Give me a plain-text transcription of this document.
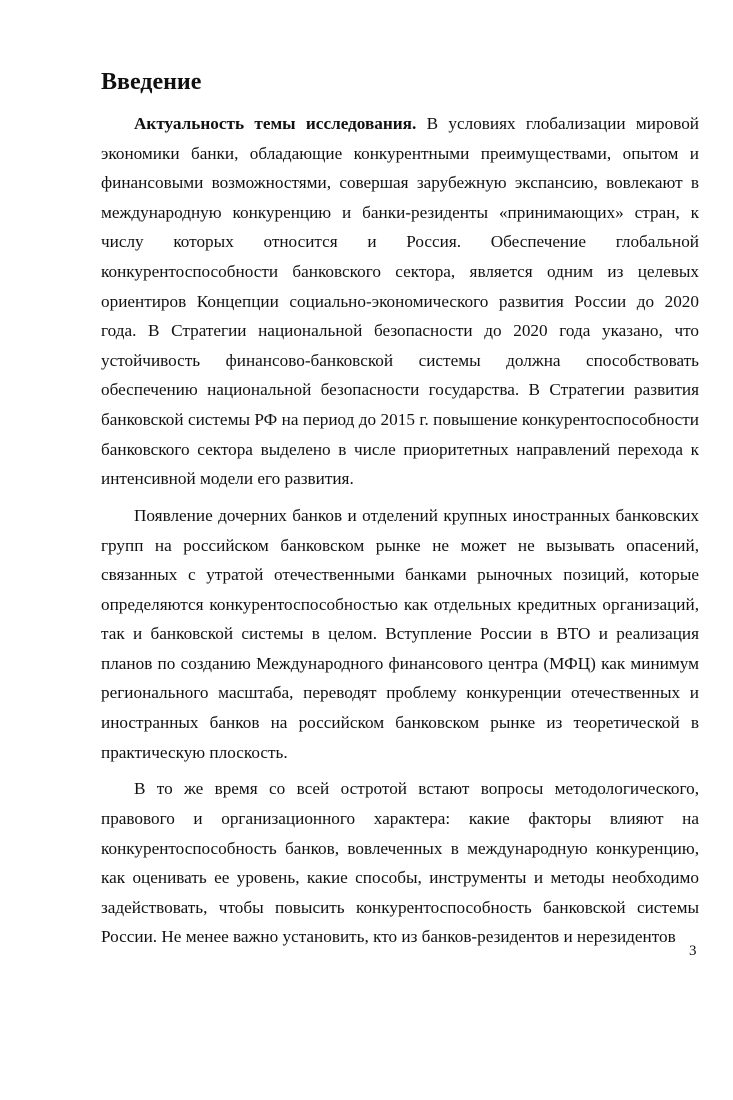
Введение

Актуальность темы исследования. В условиях глобализации мировой экономики банки, обладающие конкурентными преимуществами, опытом и финансовыми возможностями, совершая зарубежную экспансию, вовлекают в международную конкуренцию и банки-резиденты «принимающих» стран, к числу которых относится и Россия. Обеспечение глобальной конкурентоспособности банковского сектора, является одним из целевых ориентиров Концепции социально-экономического развития России до 2020 года. В Стратегии национальной безопасности до 2020 года указано, что устойчивость финансово-банковской системы должна способствовать обеспечению национальной безопасности государства. В Стратегии развития банковской системы РФ на период до 2015 г. повышение конкурентоспособности банковского сектора выделено в числе приоритетных направлений перехода к интенсивной модели его развития.

Появление дочерних банков и отделений крупных иностранных банковских групп на российском банковском рынке не может не вызывать опасений, связанных с утратой отечественными банками рыночных позиций, которые определяются конкурентоспособностью как отдельных кредитных организаций, так и банковской системы в целом. Вступление России в ВТО и реализация планов по созданию Международного финансового центра (МФЦ) как минимум регионального масштаба, переводят проблему конкуренции отечественных и иностранных банков на российском банковском рынке из теоретической в практическую плоскость.

В то же время со всей остротой встают вопросы методологического, правового и организационного характера: какие факторы влияют на конкурентоспособность банков, вовлеченных в международную конкуренцию, как оценивать ее уровень, какие способы, инструменты и методы необходимо задействовать, чтобы повысить конкурентоспособность банковской системы России. Не менее важно установить, кто из банков-резидентов и нерезидентов

3
